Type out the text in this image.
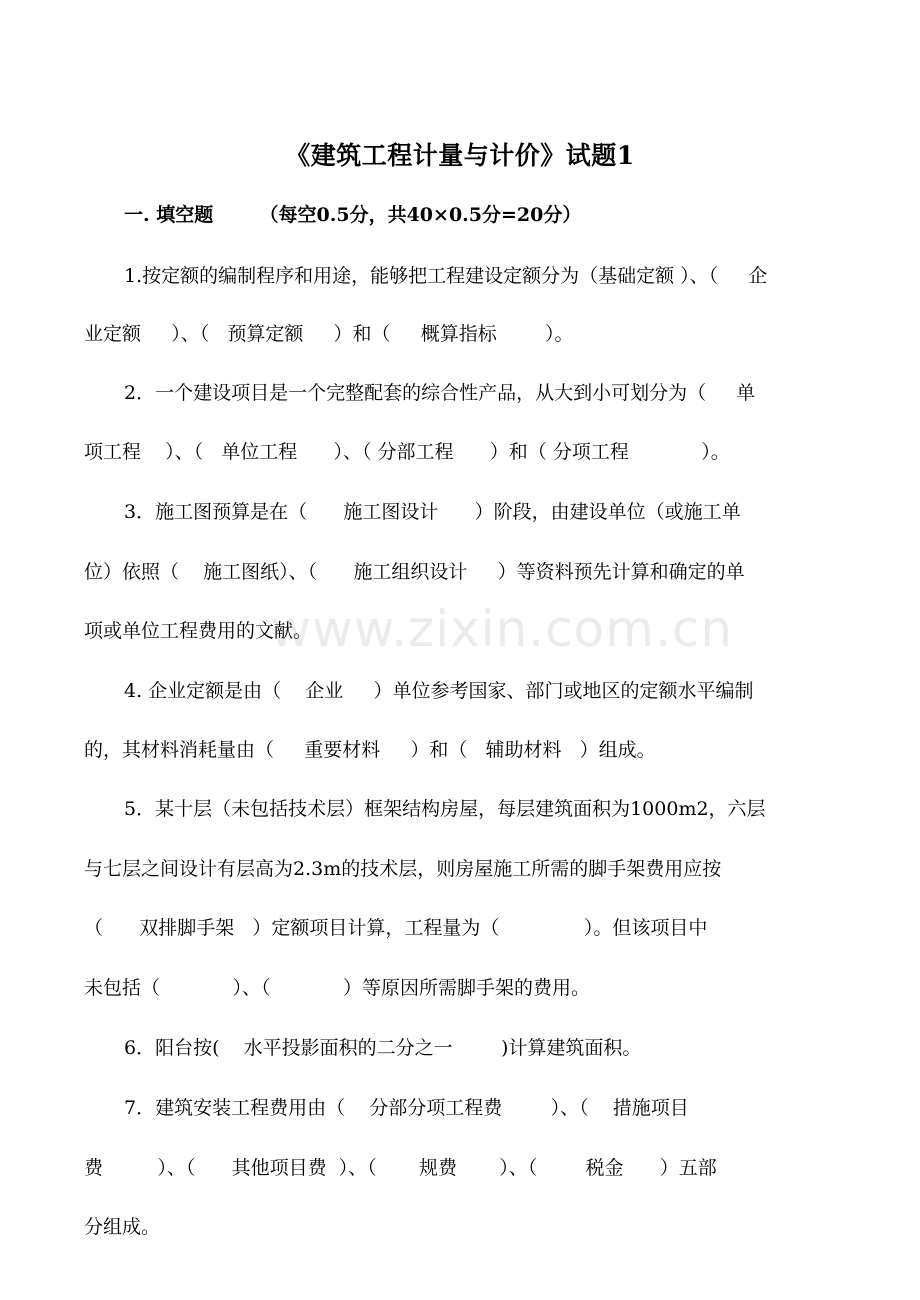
www.zixin.com.cn
《建筑工程计量与计价》试题1
一. 填空题       （每空0.5分，共40×0.5分=20分）
1.按定额的编制程序和用途，能够把工程建设定额分为（基础定额 ）、（     企
业定额     ）、（   预算定额     ）和（     概算指标        ）。
2．一个建设项目是一个完整配套的综合性产品，从大到小可划分为（     单
项工程    ）、（   单位工程      ）、（ 分部工程      ）和（ 分项工程            ）。
3．施工图预算是在（      施工图设计      ）阶段，由建设单位（或施工单
位）依照（    施工图纸）、（      施工组织设计     ）等资料预先计算和确定的单
项或单位工程费用的文献。
4. 企业定额是由（    企业     ）单位参考国家、部门或地区的定额水平编制
的，其材料消耗量由（     重要材料     ）和（   辅助材料   ）组成。
5．某十层（未包括技术层）框架结构房屋，每层建筑面积为1000m2，六层
与七层之间设计有层高为2.3m的技术层，则房屋施工所需的脚手架费用应按
（      双排脚手架   ）定额项目计算，工程量为（              ）。但该项目中
未包括（            ）、（            ）等原因所需脚手架的费用。
6．阳台按(    水平投影面积的二分之一        )计算建筑面积。
7．建筑安装工程费用由（    分部分项工程费        ）、（    措施项目
费         ）、（      其他项目费  ）、（       规费       ）、（        税金      ）五部
分组成。
